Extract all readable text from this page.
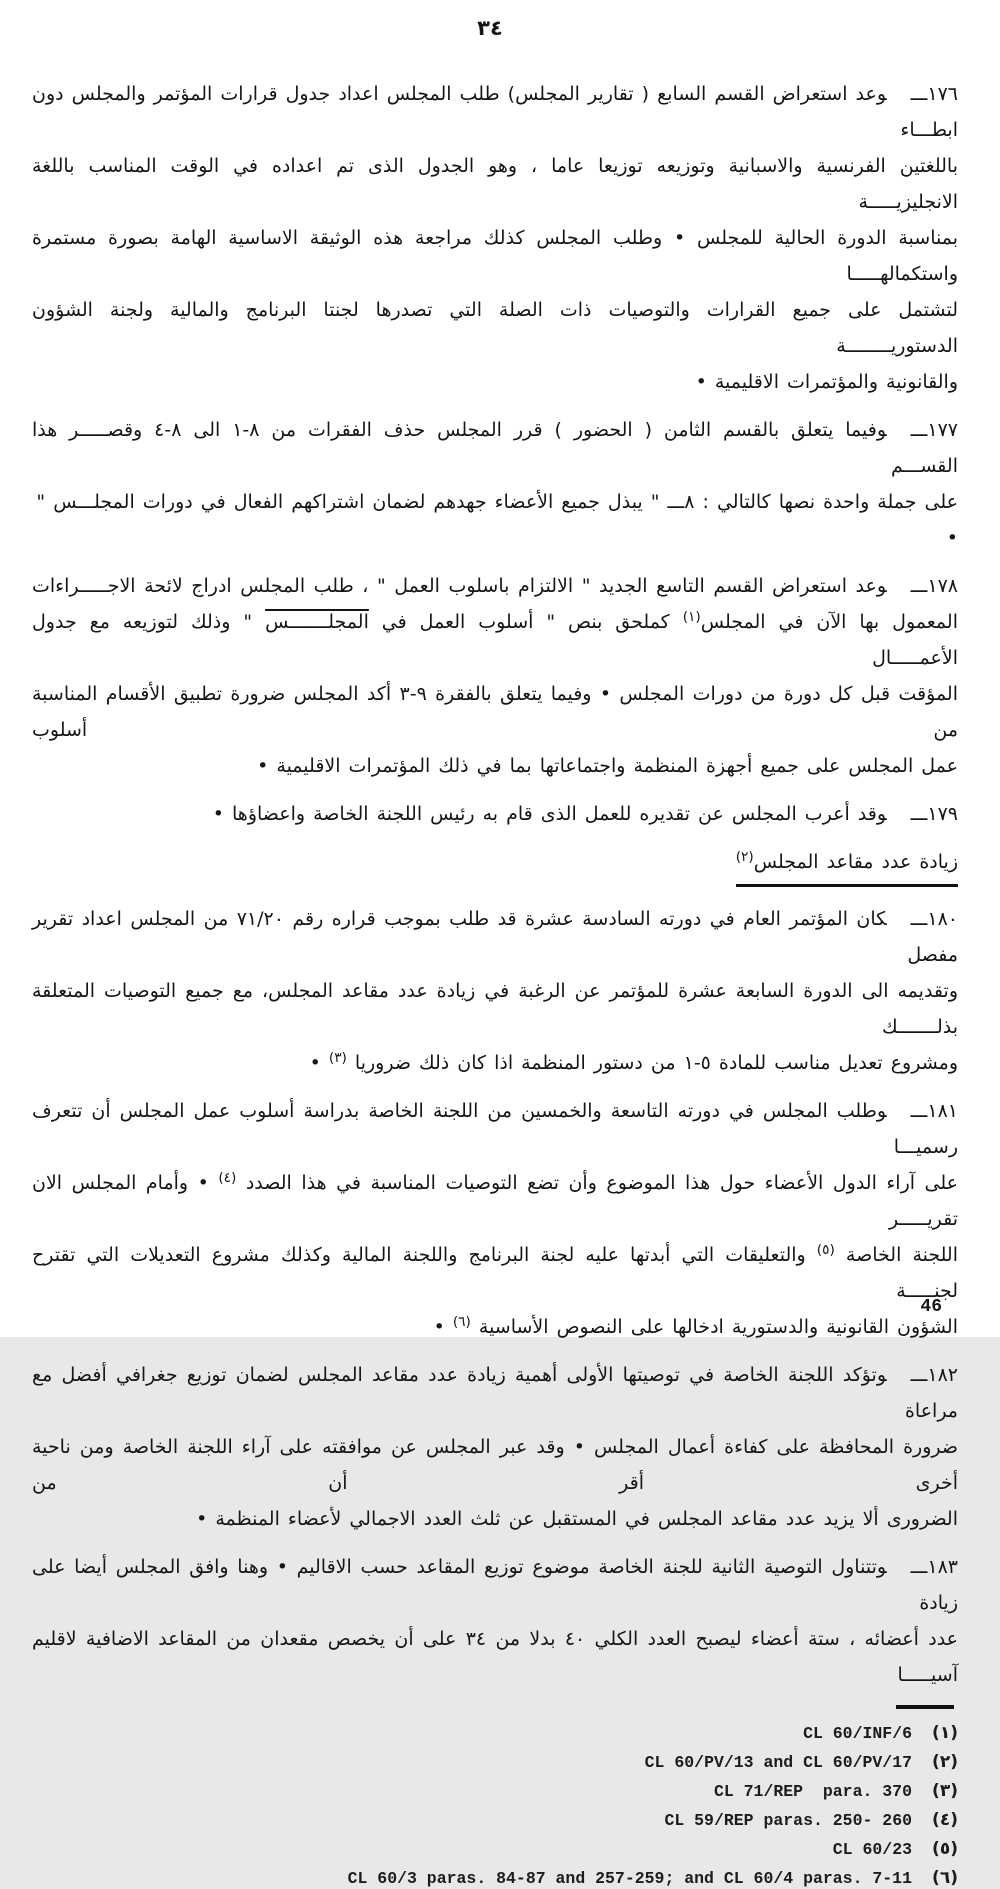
٣٤
١٧٦ـــوعد استعراض القسم السابع ( تقارير المجلس) طلب المجلس اعداد جدول قرارات المؤتمر والمجلس دون ابطـــاء
باللغتين الفرنسية والاسبانية وتوزيعه توزيعا عاما ، وهو الجدول الذى تم اعداده في الوقت المناسب باللغة الانجليزيـــــة
بمناسبة الدورة الحالية للمجلس • وطلب المجلس كذلك مراجعة هذه الوثيقة الاساسية الهامة بصورة مستمرة واستكمالهـــــا
لتشتمل على جميع القرارات والتوصيات ذات الصلة التي تصدرها لجنتا البرنامج والمالية ولجنة الشؤون الدستوريــــــــة
والقانونية والمؤتمرات الاقليمية •
١٧٧ـــوفيما يتعلق بالقسم الثامن ( الحضور ) قرر المجلس حذف الفقرات من ٨-١ الى ٨-٤ وقصـــــر هذا القســـم
على جملة واحدة نصها كالتالي : ٨ـــ " يبذل جميع الأعضاء جهدهم لضمان اشتراكهم الفعال في دورات المجلـــس " •
١٧٨ـــوعد استعراض القسم التاسع الجديد " الالتزام باسلوب العمل " ، طلب المجلس ادراج لائحة الاجـــــراءات
المعمول بها الآن في المجلس$^{(١)}$ كملحق بنص " أسلوب العمل في المجلـــــــس " وذلك لتوزيعه مع جدول الأعمـــــال
المؤقت قبل كل دورة من دورات المجلس • وفيما يتعلق بالفقرة ٩-٣ أكد المجلس ضرورة تطبيق الأقسام المناسبة من أسلوب
عمل المجلس على جميع أجهزة المنظمة واجتماعاتها بما في ذلك المؤتمرات الاقليمية •
١٧٩ـــوقد أعرب المجلس عن تقديره للعمل الذى قام به رئيس اللجنة الخاصة واعضاؤها •
زيادة عدد مقاعد المجلس$^{(٢)}$
١٨٠ـــكان المؤتمر العام في دورته السادسة عشرة قد طلب بموجب قراره رقم ٧١/٢٠ من المجلس اعداد تقرير مفصل
وتقديمه الى الدورة السابعة عشرة للمؤتمر عن الرغبة في زيادة عدد مقاعد المجلس، مع جميع التوصيات المتعلقة بذلـــــــك
ومشروع تعديل مناسب للمادة ٥-١ من دستور المنظمة اذا كان ذلك ضروريا $^{(٣)}$ •
١٨١ـــوطلب المجلس في دورته التاسعة والخمسين من اللجنة الخاصة بدراسة أسلوب عمل المجلس أن تتعرف رسميـــا
على آراء الدول الأعضاء حول هذا الموضوع وأن تضع التوصيات المناسبة في هذا الصدد $^{(٤)}$ • وأمام المجلس الان تقريـــــر
اللجنة الخاصة $^{(٥)}$ والتعليقات التي أبدتها عليه لجنة البرنامج واللجنة المالية وكذلك مشروع التعديلات التي تقترح لجنـــــة
الشؤون القانونية والدستورية ادخالها على النصوص الأساسية $^{(٦)}$ •
١٨٢ـــوتؤكد اللجنة الخاصة في توصيتها الأولى أهمية زيادة عدد مقاعد المجلس لضمان توزيع جغرافي أفضل مع مراعاة
ضرورة المحافظة على كفاءة أعمال المجلس • وقد عبر المجلس عن موافقته على آراء اللجنة الخاصة ومن ناحية أخرى أقر أن من
الضرورى ألا يزيد عدد مقاعد المجلس في المستقبل عن ثلث العدد الاجمالي لأعضاء المنظمة •
١٨٣ـــوتتناول التوصية الثانية للجنة الخاصة موضوع توزيع المقاعد حسب الاقاليم • وهنا وافق المجلس أيضا على زيادة
عدد أعضائه ، ستة أعضاء ليصبح العدد الكلي ٤٠ بدلا من ٣٤ على أن يخصص مقعدان من المقاعد الاضافية لاقليم آسيـــــا
(١)
CL 60/INF/6
(٢)
CL 60/PV/13 and CL 60/PV/17
(٣)
CL 71/REP  para. 370
(٤)
CL 59/REP paras. 250- 260
(٥)
CL 60/23
(٦)
CL 60/3 paras. 84-87 and 257-259; and CL 60/4 paras. 7-11
46
